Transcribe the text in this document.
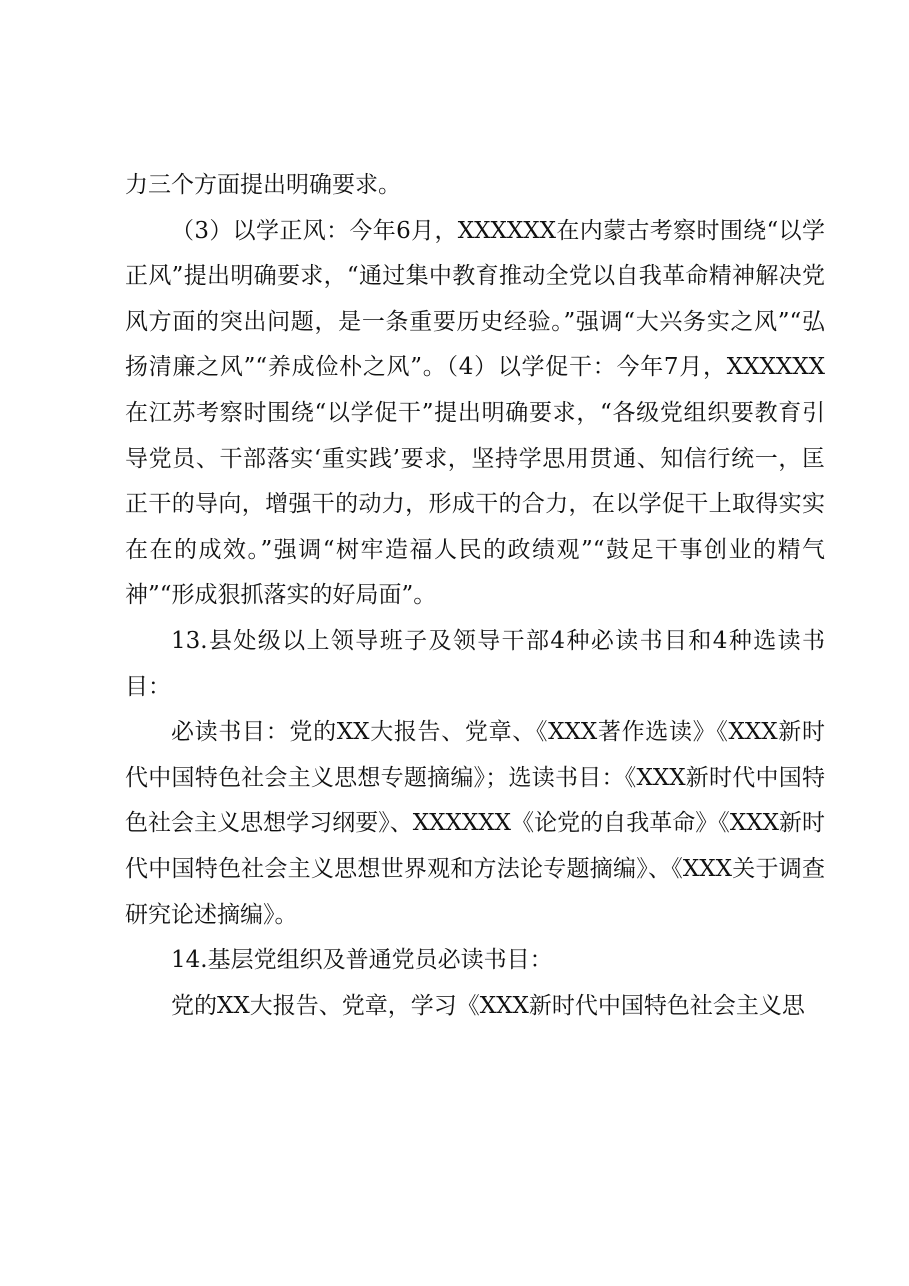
力三个方面提出明确要求。

（3）以学正风：今年6月，XXXXXX在内蒙古考察时围绕“以学正风”提出明确要求，“通过集中教育推动全党以自我革命精神解决党风方面的突出问题，是一条重要历史经验。”强调“大兴务实之风”“弘扬清廉之风”“养成俭朴之风”。（4）以学促干：今年7月，XXXXXX在江苏考察时围绕“以学促干”提出明确要求，“各级党组织要教育引导党员、干部落实‘重实践’要求，坚持学思用贯通、知信行统一，匡正干的导向，增强干的动力，形成干的合力，在以学促干上取得实实在在的成效。”强调“树牢造福人民的政绩观”“鼓足干事创业的精气神”“形成狠抓落实的好局面”。

13.县处级以上领导班子及领导干部4种必读书目和4种选读书目：

必读书目：党的XX大报告、党章、《XXX著作选读》《XXX新时代中国特色社会主义思想专题摘编》；选读书目：《XXX新时代中国特色社会主义思想学习纲要》、XXXXXX《论党的自我革命》《XXX新时代中国特色社会主义思想世界观和方法论专题摘编》、《XXX关于调查研究论述摘编》。

14.基层党组织及普通党员必读书目：

党的XX大报告、党章，学习《XXX新时代中国特色社会主义思
